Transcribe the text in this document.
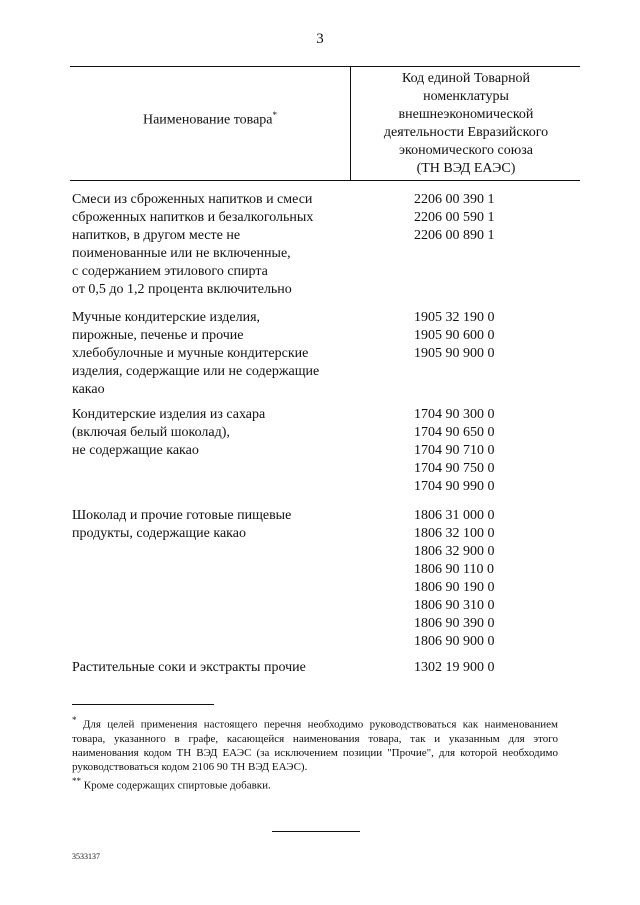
3
Наименование товара*
Код единой Товарной
номенклатуры
внешнеэкономической
деятельности Евразийского
экономического союза
(ТН ВЭД ЕАЭС)
Смеси из сброженных напитков и смеси
сброженных напитков и безалкогольных
напитков, в другом месте не
поименованные или не включенные,
с содержанием этилового спирта
от 0,5 до 1,2 процента включительно
2206 00 390 1
2206 00 590 1
2206 00 890 1
Мучные кондитерские изделия,
пирожные, печенье и прочие
хлебобулочные и мучные кондитерские
изделия, содержащие или не содержащие
какао
1905 32 190 0
1905 90 600 0
1905 90 900 0
Кондитерские изделия из сахара
(включая белый шоколад),
не содержащие какао
1704 90 300 0
1704 90 650 0
1704 90 710 0
1704 90 750 0
1704 90 990 0
Шоколад и прочие готовые пищевые
продукты, содержащие какао
1806 31 000 0
1806 32 100 0
1806 32 900 0
1806 90 110 0
1806 90 190 0
1806 90 310 0
1806 90 390 0
1806 90 900 0
Растительные соки и экстракты прочие	1302 19 900 0
* Для целей применения настоящего перечня необходимо руководствоваться как наименованием товара, указанного в графе, касающейся наименования товара, так и указанным для этого наименования кодом ТН ВЭД ЕАЭС (за исключением позиции "Прочие", для которой необходимо руководствоваться кодом 2106 90 ТН ВЭД ЕАЭС).
** Кроме содержащих спиртовые добавки.
3533137
